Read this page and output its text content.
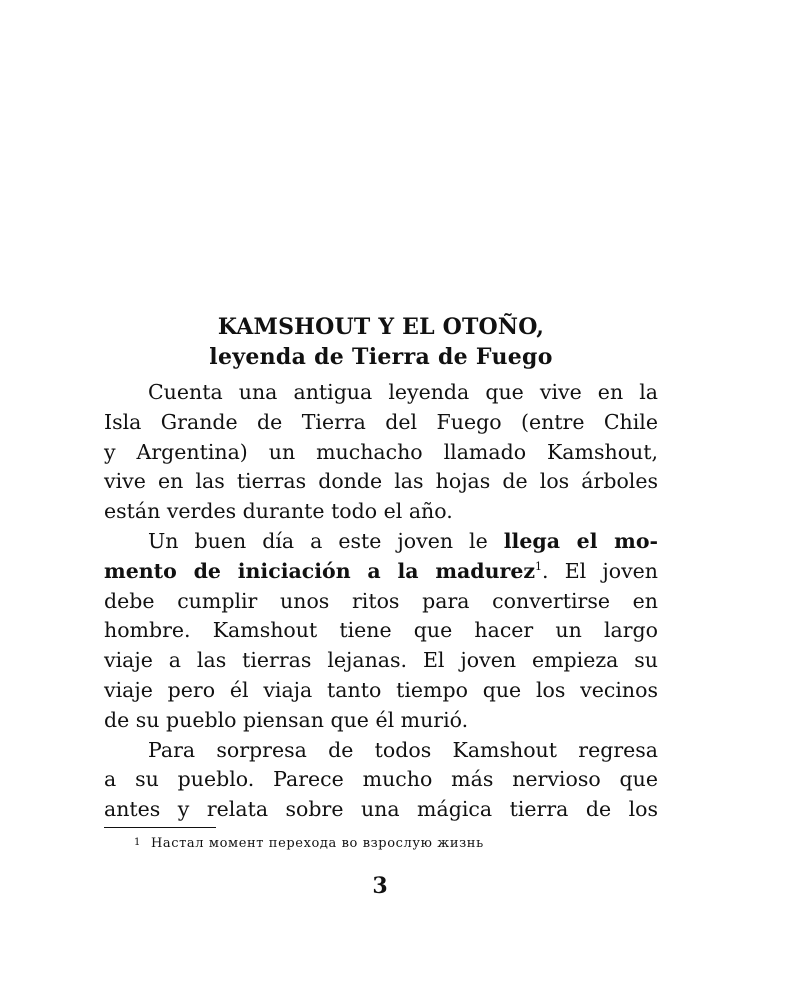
KAMSHOUT Y EL OTOÑO,
leyenda de Tierra de Fuego
Cuenta una antigua leyenda que vive en la
Isla Grande de Tierra del Fuego (entre Chile
y Argentina) un muchacho llamado Kamshout,
vive en las tierras donde las hojas de los árboles
están verdes durante todo el año.
Un buen día a este joven le llega el mo-
mento de iniciación a la madurez$^1$. El joven
debe cumplir unos ritos para convertirse en
hombre. Kamshout tiene que hacer un largo
viaje a las tierras lejanas. El joven empieza su
viaje pero él viaja tanto tiempo que los vecinos
de su pueblo piensan que él murió.
Para sorpresa de todos Kamshout regresa
a su pueblo. Parece mucho más nervioso que
antes y relata sobre una mágica tierra de los
1 Настал момент перехода во взрослую жизнь
3
